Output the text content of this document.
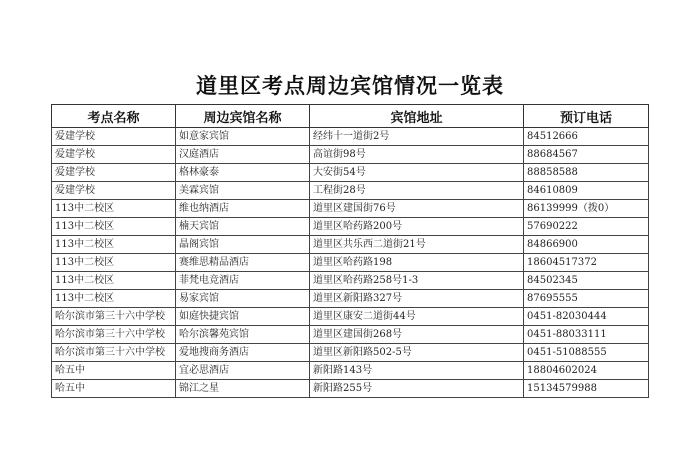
道里区考点周边宾馆情况一览表
考点名称	周边宾馆名称	宾馆地址	预订电话
爱建学校	如意家宾馆	经纬十一道街2号	84512666
爱建学校	汉庭酒店	高谊街98号	88684567
爱建学校	格林豪泰	大安街54号	88858588
爱建学校	美霖宾馆	工程街28号	84610809
113中二校区	维也纳酒店	道里区建国街76号	86139999（拨0）
113中二校区	楠天宾馆	道里区哈药路200号	57690222
113中二校区	晶阁宾馆	道里区共乐西二道街21号	84866900
113中二校区	赛维思精品酒店	道里区哈药路198	18604517372
113中二校区	菲梵电竞酒店	道里区哈药路258号1-3	84502345
113中二校区	易家宾馆	道里区新阳路327号	87695555
哈尔滨市第三十六中学校	如庭快捷宾馆	道里区康安二道街44号	0451-82030444
哈尔滨市第三十六中学校	哈尔滨馨苑宾馆	道里区建国街268号	0451-88033111
哈尔滨市第三十六中学校	爱地搜商务酒店	道里区新阳路502-5号	0451-51088555
哈五中	宜必思酒店	新阳路143号	18804602024
哈五中	锦江之星	新阳路255号	15134579988
